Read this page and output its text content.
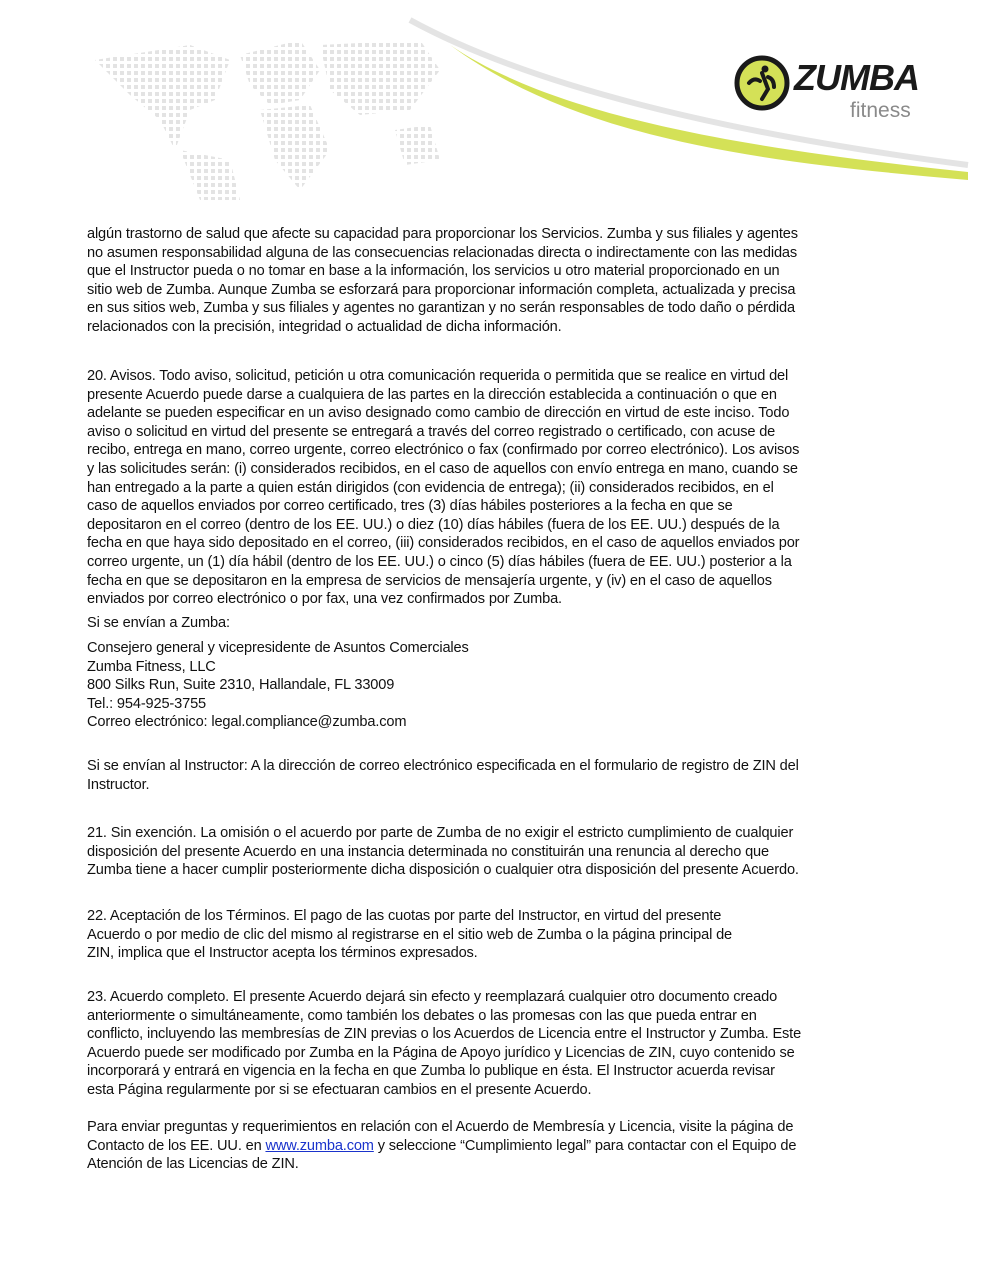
ZUMBA
fitness
algún trastorno de salud que afecte su capacidad para proporcionar los Servicios. Zumba y sus filiales y agentes
no asumen responsabilidad alguna de las consecuencias relacionadas directa o indirectamente con las medidas
que el Instructor pueda o no tomar en base a la información, los servicios u otro material proporcionado en un
sitio web de Zumba. Aunque Zumba se esforzará para proporcionar información completa, actualizada y precisa
en sus sitios web, Zumba y sus filiales y agentes no garantizan y no serán responsables de todo daño o pérdida
relacionados con la precisión, integridad o actualidad de dicha información.
20. Avisos. Todo aviso, solicitud, petición u otra comunicación requerida o permitida que se realice en virtud del
presente Acuerdo puede darse a cualquiera de las partes en la dirección establecida a continuación o que en
adelante se pueden especificar en un aviso designado como cambio de dirección en virtud de este inciso. Todo
aviso o solicitud en virtud del presente se entregará a través del correo registrado o certificado, con acuse de
recibo, entrega en mano, correo urgente, correo electrónico o fax (confirmado por correo electrónico). Los avisos
y las solicitudes serán: (i) considerados recibidos, en el caso de aquellos con envío entrega en mano, cuando se
han entregado a la parte a quien están dirigidos (con evidencia de entrega); (ii) considerados recibidos, en el
caso de aquellos enviados por correo certificado, tres (3) días hábiles posteriores a la fecha en que se
depositaron en el correo (dentro de los EE. UU.) o diez (10) días hábiles (fuera de los EE. UU.) después de la
fecha en que haya sido depositado en el correo, (iii) considerados recibidos, en el caso de aquellos enviados por
correo urgente, un (1) día hábil (dentro de los EE. UU.) o cinco (5) días hábiles (fuera de EE. UU.) posterior a la
fecha en que se depositaron en la empresa de servicios de mensajería urgente, y (iv) en el caso de aquellos
enviados por correo electrónico o por fax, una vez confirmados por Zumba.
Si se envían a Zumba:
Consejero general y vicepresidente de Asuntos Comerciales
Zumba Fitness, LLC
800 Silks Run, Suite 2310, Hallandale, FL 33009
Tel.: 954-925-3755
Correo electrónico: legal.compliance@zumba.com
Si se envían al Instructor: A la dirección de correo electrónico especificada en el formulario de registro de ZIN del
Instructor.
21. Sin exención. La omisión o el acuerdo por parte de Zumba de no exigir el estricto cumplimiento de cualquier
disposición del presente Acuerdo en una instancia determinada no constituirán una renuncia al derecho que
Zumba tiene a hacer cumplir posteriormente dicha disposición o cualquier otra disposición del presente Acuerdo.
22. Aceptación de los Términos. El pago de las cuotas por parte del Instructor, en virtud del presente
Acuerdo o por medio de clic del mismo al registrarse en el sitio web de Zumba o la página principal de
ZIN, implica que el Instructor acepta los términos expresados.
23. Acuerdo completo. El presente Acuerdo dejará sin efecto y reemplazará cualquier otro documento creado
anteriormente o simultáneamente, como también los debates o las promesas con las que pueda entrar en
conflicto, incluyendo las membresías de ZIN previas o los Acuerdos de Licencia entre el Instructor y Zumba. Este
Acuerdo puede ser modificado por Zumba en la Página de Apoyo jurídico y Licencias de ZIN, cuyo contenido se
incorporará y entrará en vigencia en la fecha en que Zumba lo publique en ésta. El Instructor acuerda revisar
esta Página regularmente por si se efectuaran cambios en el presente Acuerdo.
Para enviar preguntas y requerimientos en relación con el Acuerdo de Membresía y Licencia, visite la página de
Contacto de los EE. UU. en www.zumba.com y seleccione “Cumplimiento legal” para contactar con el Equipo de
Atención de las Licencias de ZIN.
